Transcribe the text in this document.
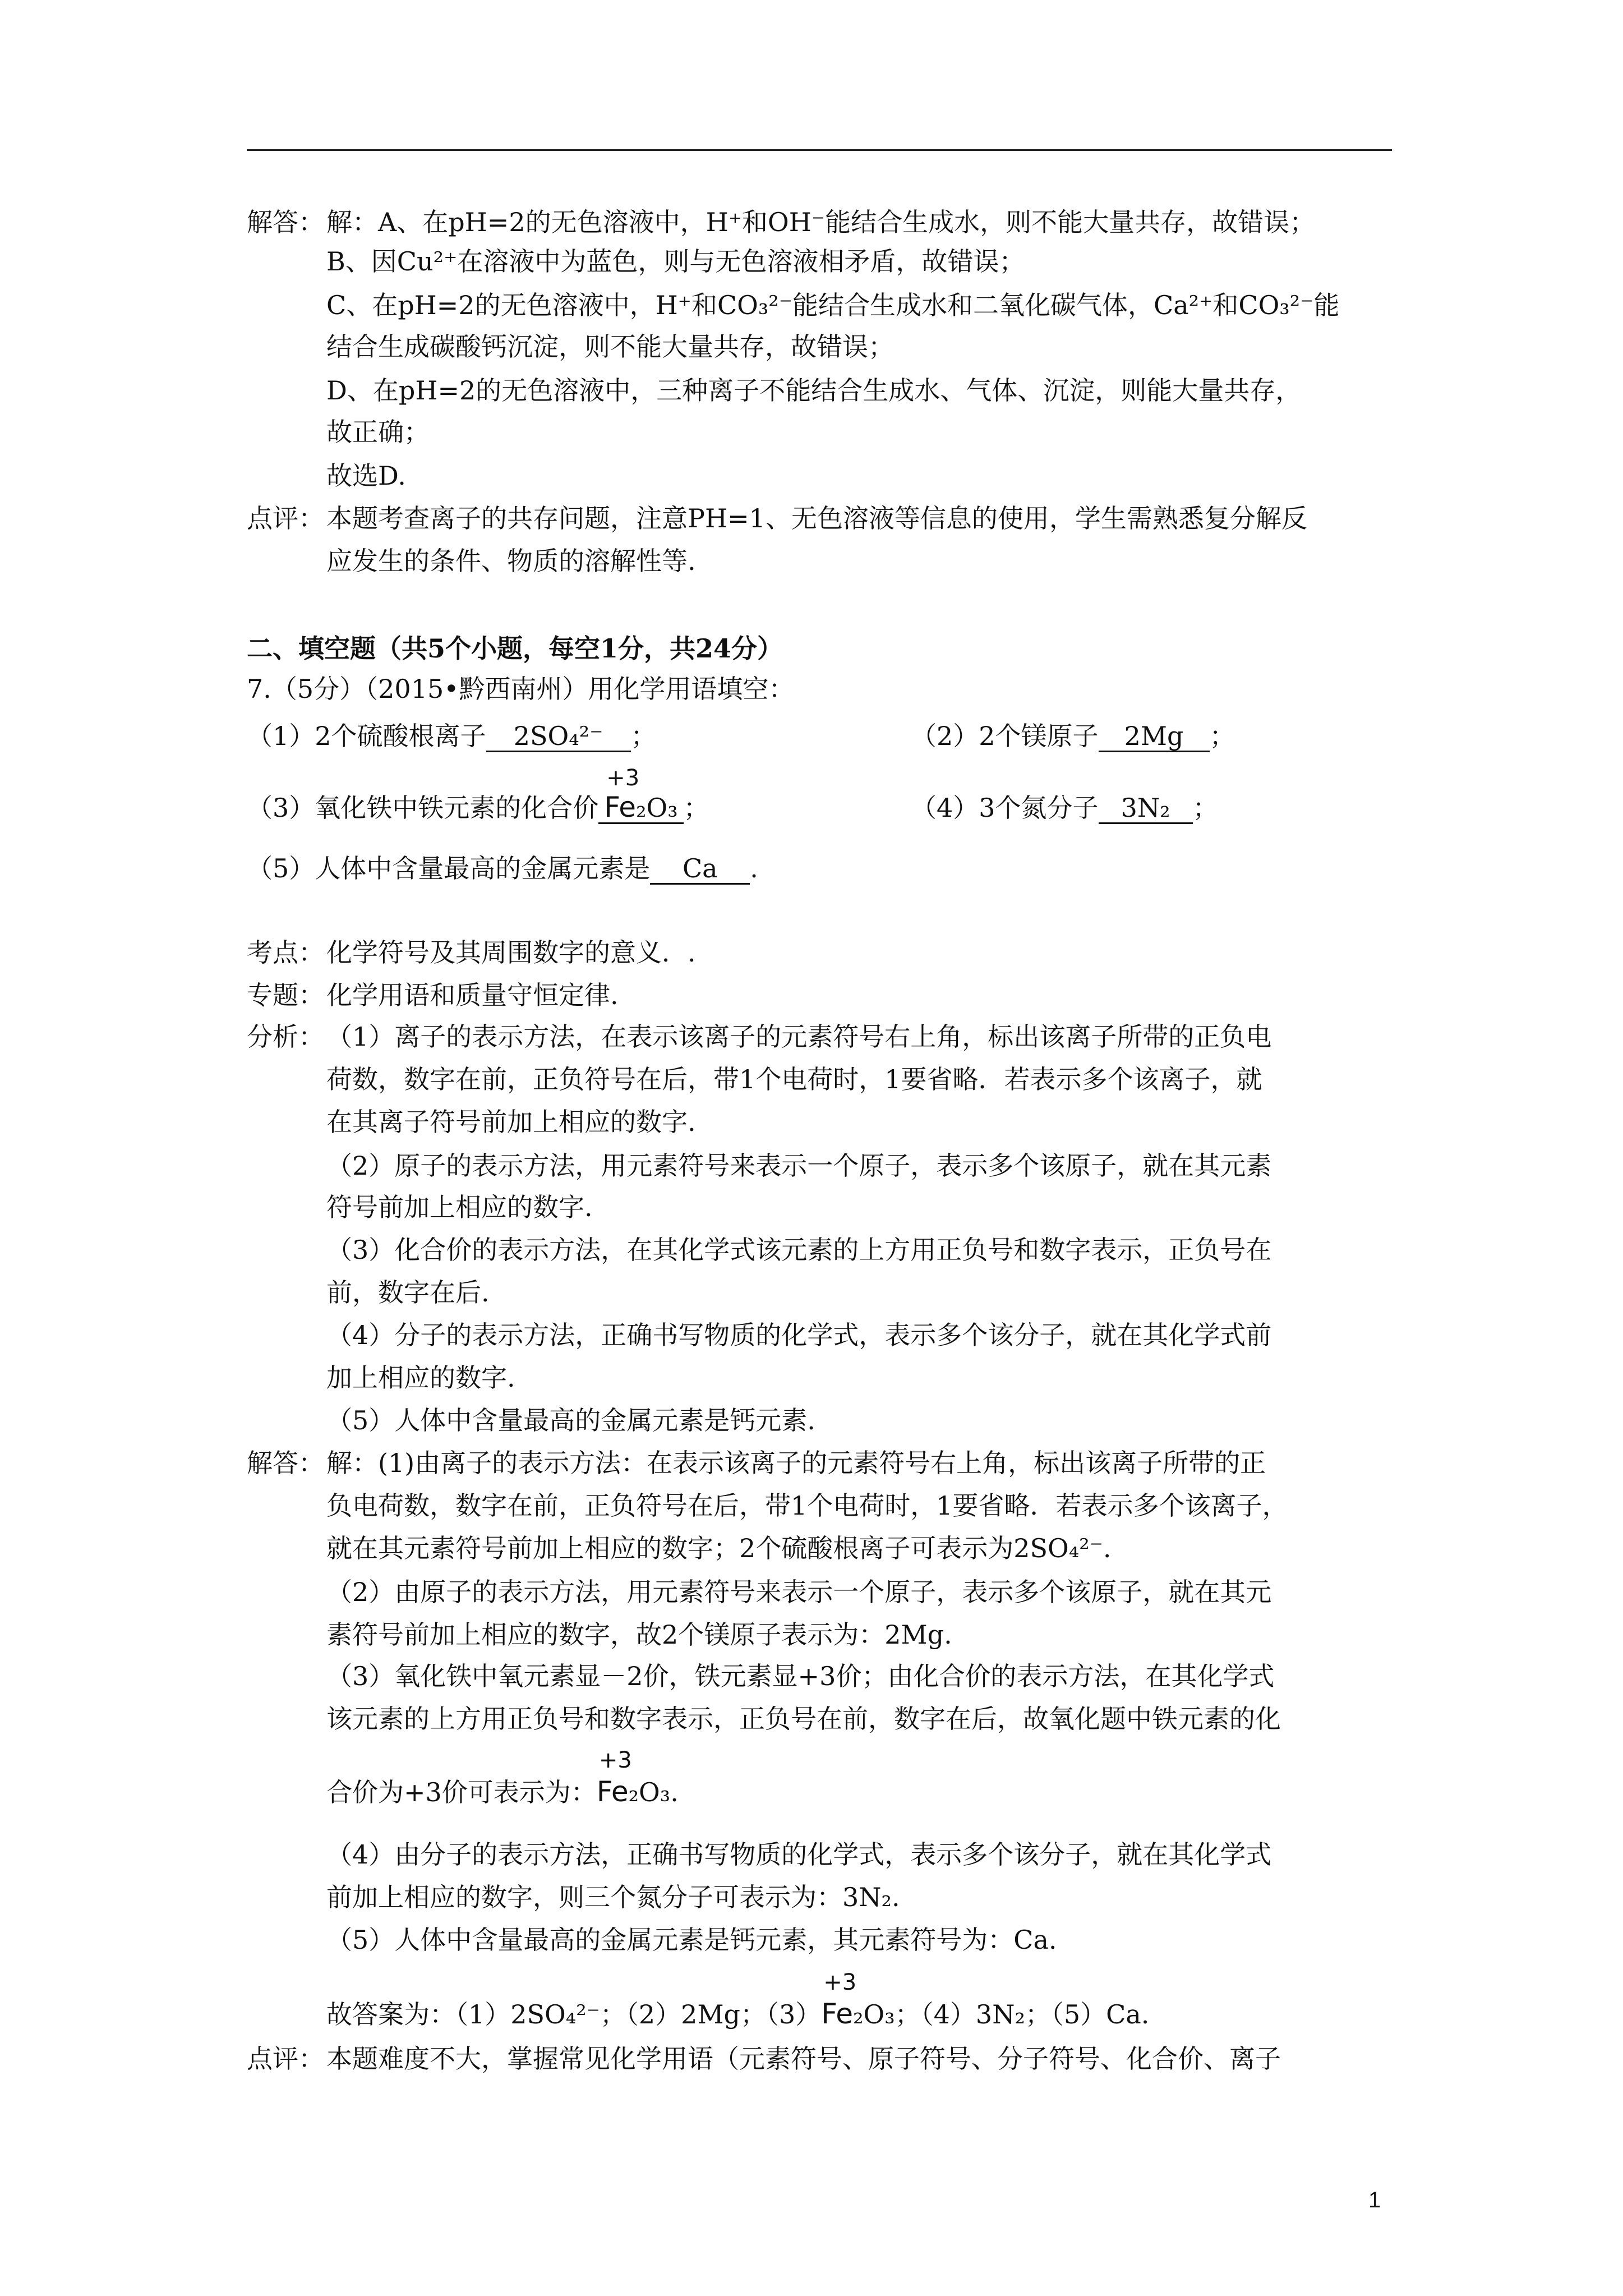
解答：解：A、在pH=2的无色溶液中，H⁺和OH⁻能结合生成水，则不能大量共存，故错误；
B、因Cu²⁺在溶液中为蓝色，则与无色溶液相矛盾，故错误；
C、在pH=2的无色溶液中，H⁺和CO₃²⁻能结合生成水和二氧化碳气体，Ca²⁺和CO₃²⁻能
结合生成碳酸钙沉淀，则不能大量共存，故错误；
D、在pH=2的无色溶液中，三种离子不能结合生成水、气体、沉淀，则能大量共存，
故正确；
故选D.
点评：本题考查离子的共存问题，注意PH=1、无色溶液等信息的使用，学生需熟悉复分解反
应发生的条件、物质的溶解性等.
二、填空题（共5个小题，每空1分，共24分）
7.（5分）（2015•黔西南州）用化学用语填空：
（1）2个硫酸根离子 2SO₄²⁻ ；	（2）2个镁原子 2Mg ；
（3）氧化铁中铁元素的化合价
+3
Fe₂O₃ ；	（4）3个氮分子 3N₂ ；
（5）人体中含量最高的金属元素是 Ca .
考点：化学符号及其周围数字的意义．.
专题：化学用语和质量守恒定律.
分析：（1）离子的表示方法，在表示该离子的元素符号右上角，标出该离子所带的正负电
荷数，数字在前，正负符号在后，带1个电荷时，1要省略．若表示多个该离子，就
在其离子符号前加上相应的数字.
（2）原子的表示方法，用元素符号来表示一个原子，表示多个该原子，就在其元素
符号前加上相应的数字.
（3）化合价的表示方法，在其化学式该元素的上方用正负号和数字表示，正负号在
前，数字在后.
（4）分子的表示方法，正确书写物质的化学式，表示多个该分子，就在其化学式前
加上相应的数字.
（5）人体中含量最高的金属元素是钙元素.
解答：解：(1)由离子的表示方法：在表示该离子的元素符号右上角，标出该离子所带的正
负电荷数，数字在前，正负符号在后，带1个电荷时，1要省略．若表示多个该离子，
就在其元素符号前加上相应的数字；2个硫酸根离子可表示为2SO₄²⁻.
（2）由原子的表示方法，用元素符号来表示一个原子，表示多个该原子，就在其元
素符号前加上相应的数字，故2个镁原子表示为：2Mg.
（3）氧化铁中氧元素显－2价，铁元素显+3价；由化合价的表示方法，在其化学式
该元素的上方用正负号和数字表示，正负号在前，数字在后，故氧化题中铁元素的化
合价为+3价可表示为：
+3
Fe₂O₃.
（4）由分子的表示方法，正确书写物质的化学式，表示多个该分子，就在其化学式
前加上相应的数字，则三个氮分子可表示为：3N₂.
（5）人体中含量最高的金属元素是钙元素，其元素符号为：Ca.
故答案为：（1）2SO₄²⁻；（2）2Mg；（3）
+3
Fe₂O₃；（4）3N₂；（5）Ca.
点评：本题难度不大，掌握常见化学用语（元素符号、原子符号、分子符号、化合价、离子
1
